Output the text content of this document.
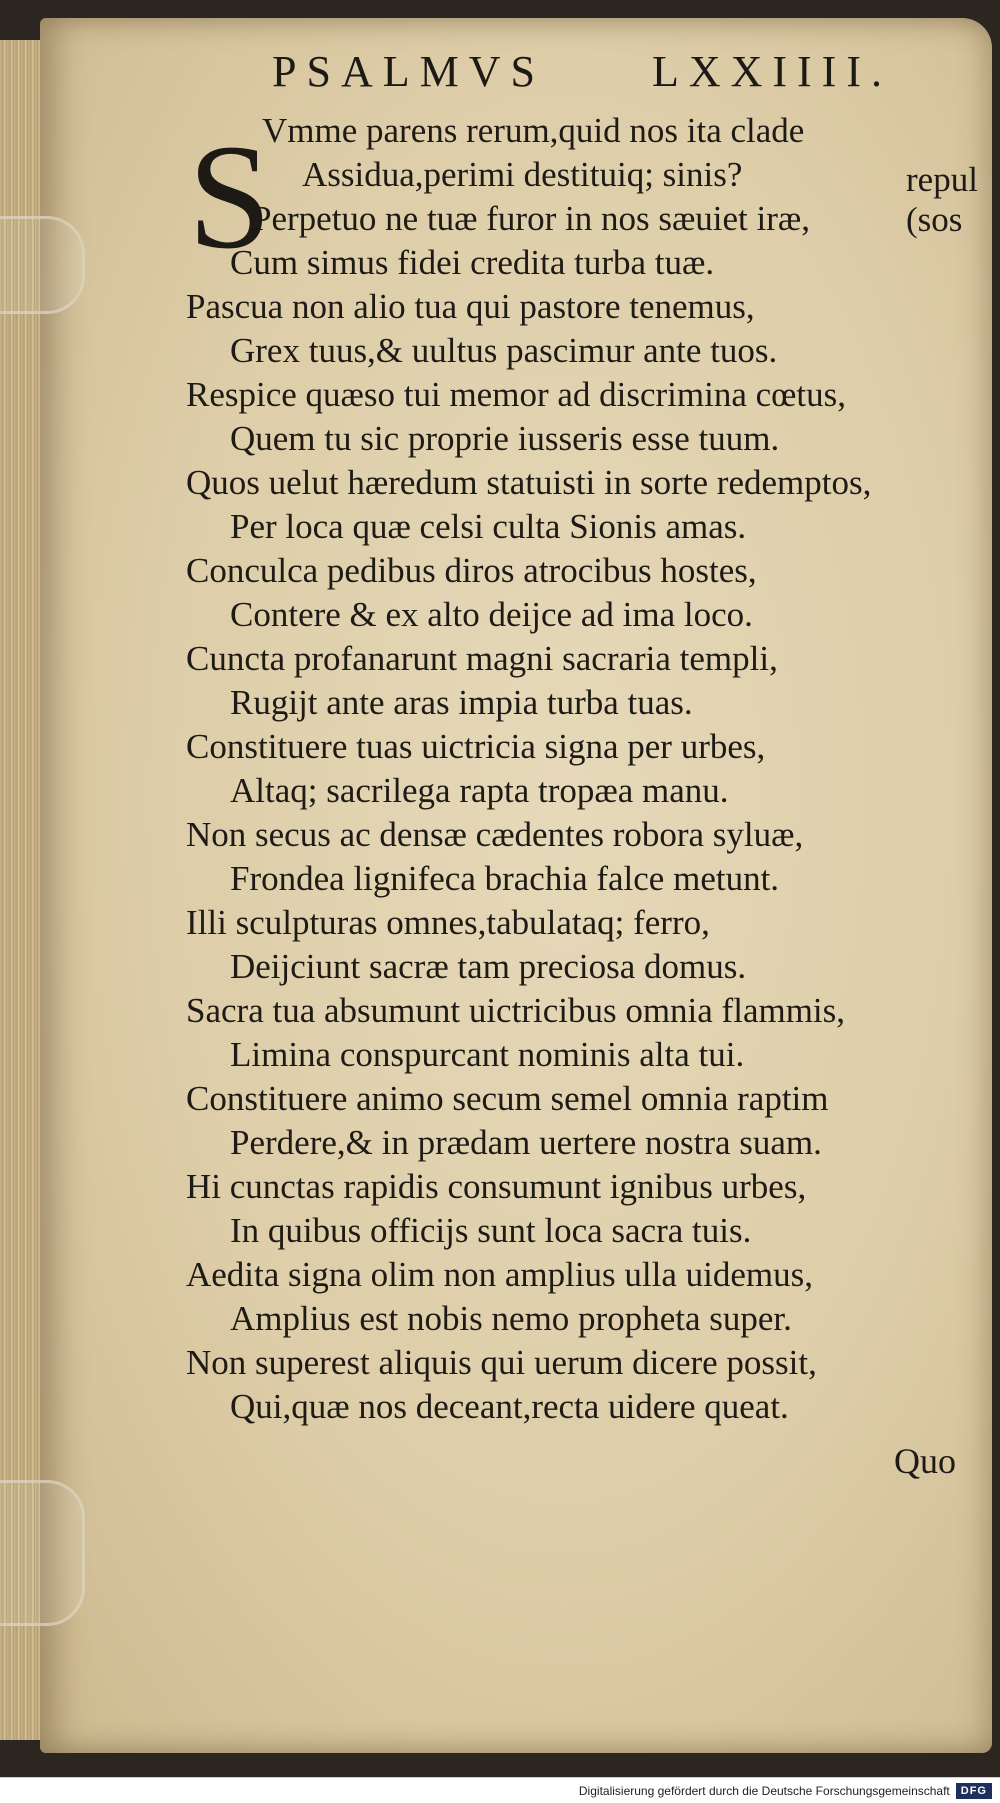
PSALMVS LXXIIII.
S	repul
(sos
Vmme parens rerum,quid nos ita clade
Assidua,perimi destituiq; sinis?
Perpetuo ne tuæ furor in nos sæuiet iræ,
Cum simus fidei credita turba tuæ.
Pascua non alio tua qui pastore tenemus,
Grex tuus,& uultus pascimur ante tuos.
Respice quæso tui memor ad discrimina cœtus,
Quem tu sic proprie iusseris esse tuum.
Quos uelut hæredum statuisti in sorte redemptos,
Per loca quæ celsi culta Sionis amas.
Conculca pedibus diros atrocibus hostes,
Contere & ex alto deijce ad ima loco.
Cuncta profanarunt magni sacraria templi,
Rugijt ante aras impia turba tuas.
Constituere tuas uictricia signa per urbes,
Altaq; sacrilega rapta tropæa manu.
Non secus ac densæ cædentes robora syluæ,
Frondea lignifeca brachia falce metunt.
Illi sculpturas omnes,tabulataq; ferro,
Deijciunt sacræ tam preciosa domus.
Sacra tua absumunt uictricibus omnia flammis,
Limina conspurcant nominis alta tui.
Constituere animo secum semel omnia raptim
Perdere,& in prædam uertere nostra suam.
Hi cunctas rapidis consumunt ignibus urbes,
In quibus officijs sunt loca sacra tuis.
Aedita signa olim non amplius ulla uidemus,
Amplius est nobis nemo propheta super.
Non superest aliquis qui uerum dicere possit,
Qui,quæ nos deceant,recta uidere queat.
Quo
Digitalisierung gefördert durch die Deutsche Forschungsgemeinschaft	DFG
